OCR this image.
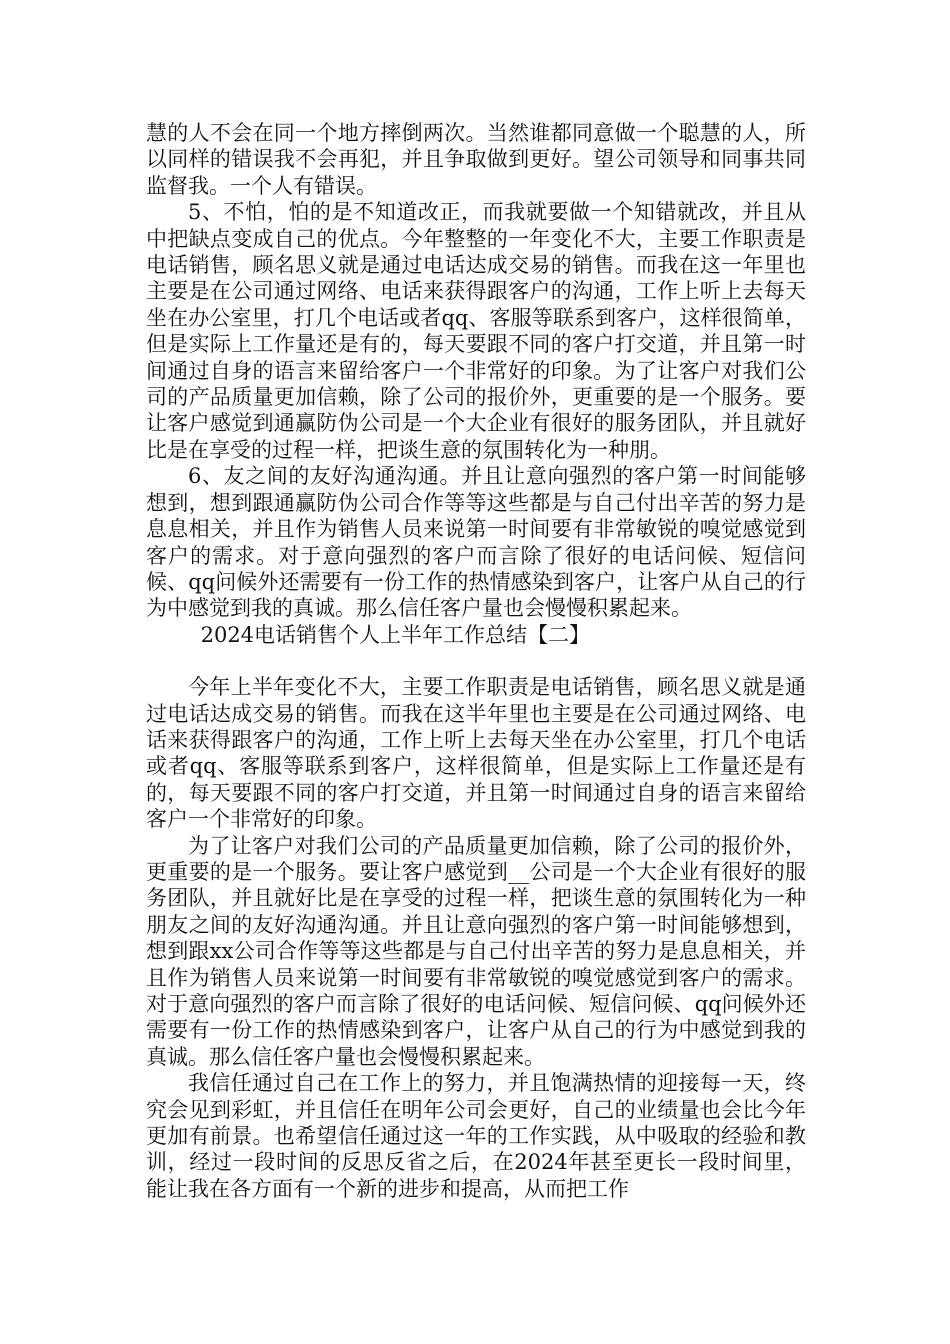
慧的人不会在同一个地方摔倒两次。当然谁都同意做一个聪慧的人，所以同样的错误我不会再犯，并且争取做到更好。望公司领导和同事共同监督我。一个人有错误。

5、不怕，怕的是不知道改正，而我就要做一个知错就改，并且从中把缺点变成自己的优点。今年整整的一年变化不大，主要工作职责是电话销售，顾名思义就是通过电话达成交易的销售。而我在这一年里也主要是在公司通过网络、电话来获得跟客户的沟通，工作上听上去每天坐在办公室里，打几个电话或者qq、客服等联系到客户，这样很简单，但是实际上工作量还是有的，每天要跟不同的客户打交道，并且第一时间通过自身的语言来留给客户一个非常好的印象。为了让客户对我们公司的产品质量更加信赖，除了公司的报价外，更重要的是一个服务。要让客户感觉到通赢防伪公司是一个大企业有很好的服务团队，并且就好比是在享受的过程一样，把谈生意的氛围转化为一种朋。

6、友之间的友好沟通沟通。并且让意向强烈的客户第一时间能够想到，想到跟通赢防伪公司合作等等这些都是与自己付出辛苦的努力是息息相关，并且作为销售人员来说第一时间要有非常敏锐的嗅觉感觉到客户的需求。对于意向强烈的客户而言除了很好的电话问候、短信问候、qq问候外还需要有一份工作的热情感染到客户，让客户从自己的行为中感觉到我的真诚。那么信任客户量也会慢慢积累起来。

2024电话销售个人上半年工作总结【二】

今年上半年变化不大，主要工作职责是电话销售，顾名思义就是通过电话达成交易的销售。而我在这半年里也主要是在公司通过网络、电话来获得跟客户的沟通，工作上听上去每天坐在办公室里，打几个电话或者qq、客服等联系到客户，这样很简单，但是实际上工作量还是有的，每天要跟不同的客户打交道，并且第一时间通过自身的语言来留给客户一个非常好的印象。

为了让客户对我们公司的产品质量更加信赖，除了公司的报价外，更重要的是一个服务。要让客户感觉到__公司是一个大企业有很好的服务团队，并且就好比是在享受的过程一样，把谈生意的氛围转化为一种朋友之间的友好沟通沟通。并且让意向强烈的客户第一时间能够想到，想到跟xx公司合作等等这些都是与自己付出辛苦的努力是息息相关，并且作为销售人员来说第一时间要有非常敏锐的嗅觉感觉到客户的需求。对于意向强烈的客户而言除了很好的电话问候、短信问候、qq问候外还需要有一份工作的热情感染到客户，让客户从自己的行为中感觉到我的真诚。那么信任客户量也会慢慢积累起来。

我信任通过自己在工作上的努力，并且饱满热情的迎接每一天，终究会见到彩虹，并且信任在明年公司会更好，自己的业绩量也会比今年更加有前景。也希望信任通过这一年的工作实践，从中吸取的经验和教训，经过一段时间的反思反省之后，在2024年甚至更长一段时间里，能让我在各方面有一个新的进步和提高，从而把工作
